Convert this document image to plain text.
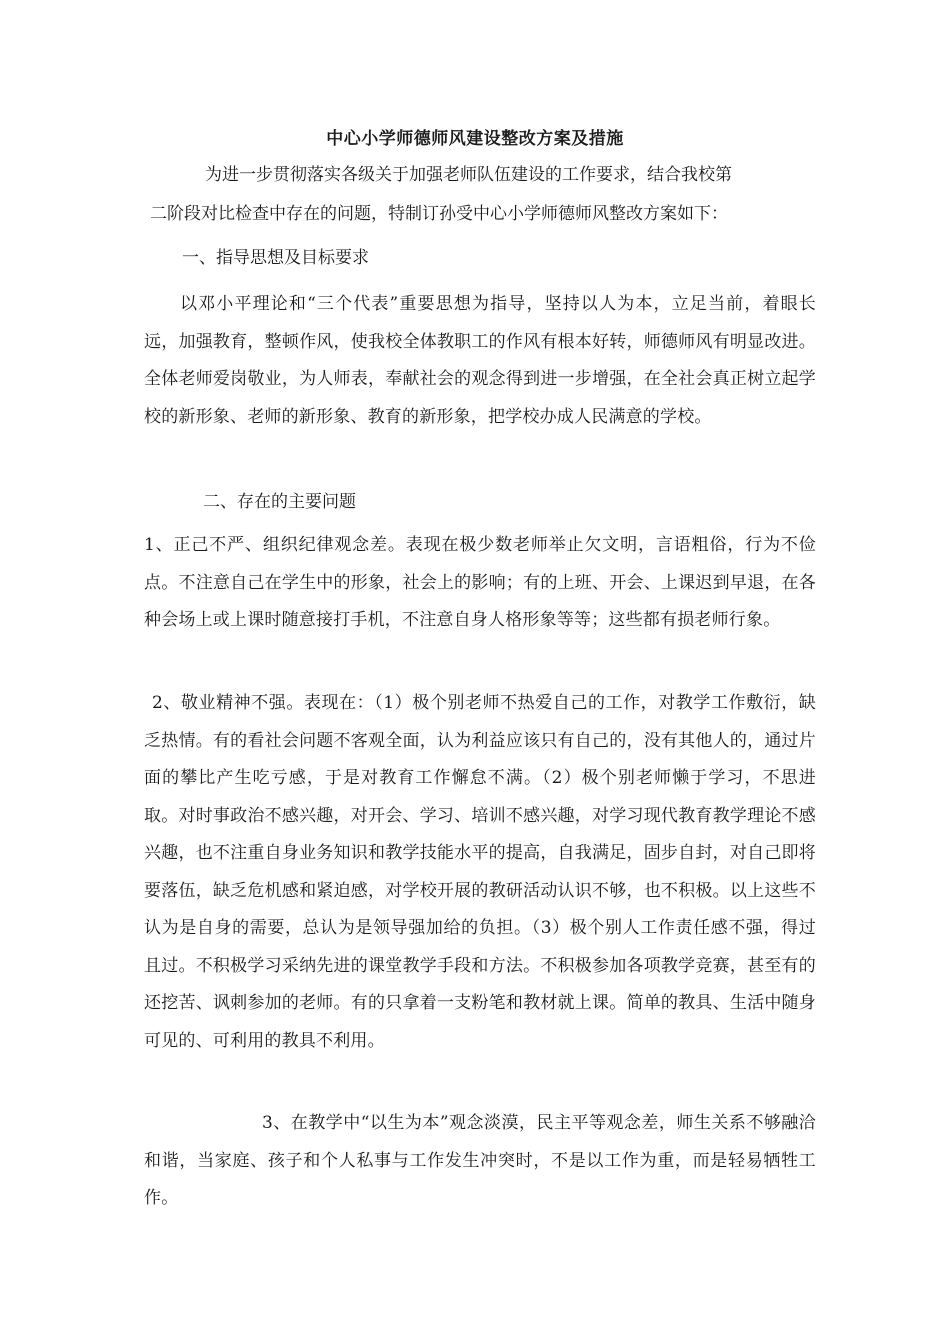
中心小学师德师风建设整改方案及措施
为进一步贯彻落实各级关于加强老师队伍建设的工作要求，结合我校第
二阶段对比检查中存在的问题，特制订孙受中心小学师德师风整改方案如下：
一、指导思想及目标要求

以邓小平理论和“三个代表”重要思想为指导，坚持以人为本，立足当前，着眼长远，加强教育，整顿作风，使我校全体教职工的作风有根本好转，师德师风有明显改进。全体老师爱岗敬业，为人师表，奉献社会的观念得到进一步增强，在全社会真正树立起学校的新形象、老师的新形象、教育的新形象，把学校办成人民满意的学校。

二、存在的主要问题

1、正己不严、组织纪律观念差。表现在极少数老师举止欠文明，言语粗俗，行为不俭点。不注意自己在学生中的形象，社会上的影响；有的上班、开会、上课迟到早退，在各种会场上或上课时随意接打手机，不注意自身人格形象等等；这些都有损老师行象。

2、敬业精神不强。表现在：（1）极个别老师不热爱自己的工作，对教学工作敷衍，缺乏热情。有的看社会问题不客观全面，认为利益应该只有自己的，没有其他人的，通过片面的攀比产生吃亏感，于是对教育工作懈怠不满。（2）极个别老师懒于学习，不思进取。对时事政治不感兴趣，对开会、学习、培训不感兴趣，对学习现代教育教学理论不感兴趣，也不注重自身业务知识和教学技能水平的提高，自我满足，固步自封，对自己即将要落伍，缺乏危机感和紧迫感，对学校开展的教研活动认识不够，也不积极。以上这些不认为是自身的需要，总认为是领导强加给的负担。（3）极个别人工作责任感不强，得过且过。不积极学习采纳先进的课堂教学手段和方法。不积极参加各项教学竞赛，甚至有的还挖苦、讽刺参加的老师。有的只拿着一支粉笔和教材就上课。简单的教具、生活中随身可见的、可利用的教具不利用。

3、在教学中“以生为本”观念淡漠，民主平等观念差，师生关系不够融洽和谐，当家庭、孩子和个人私事与工作发生冲突时，不是以工作为重，而是轻易牺牲工作。
